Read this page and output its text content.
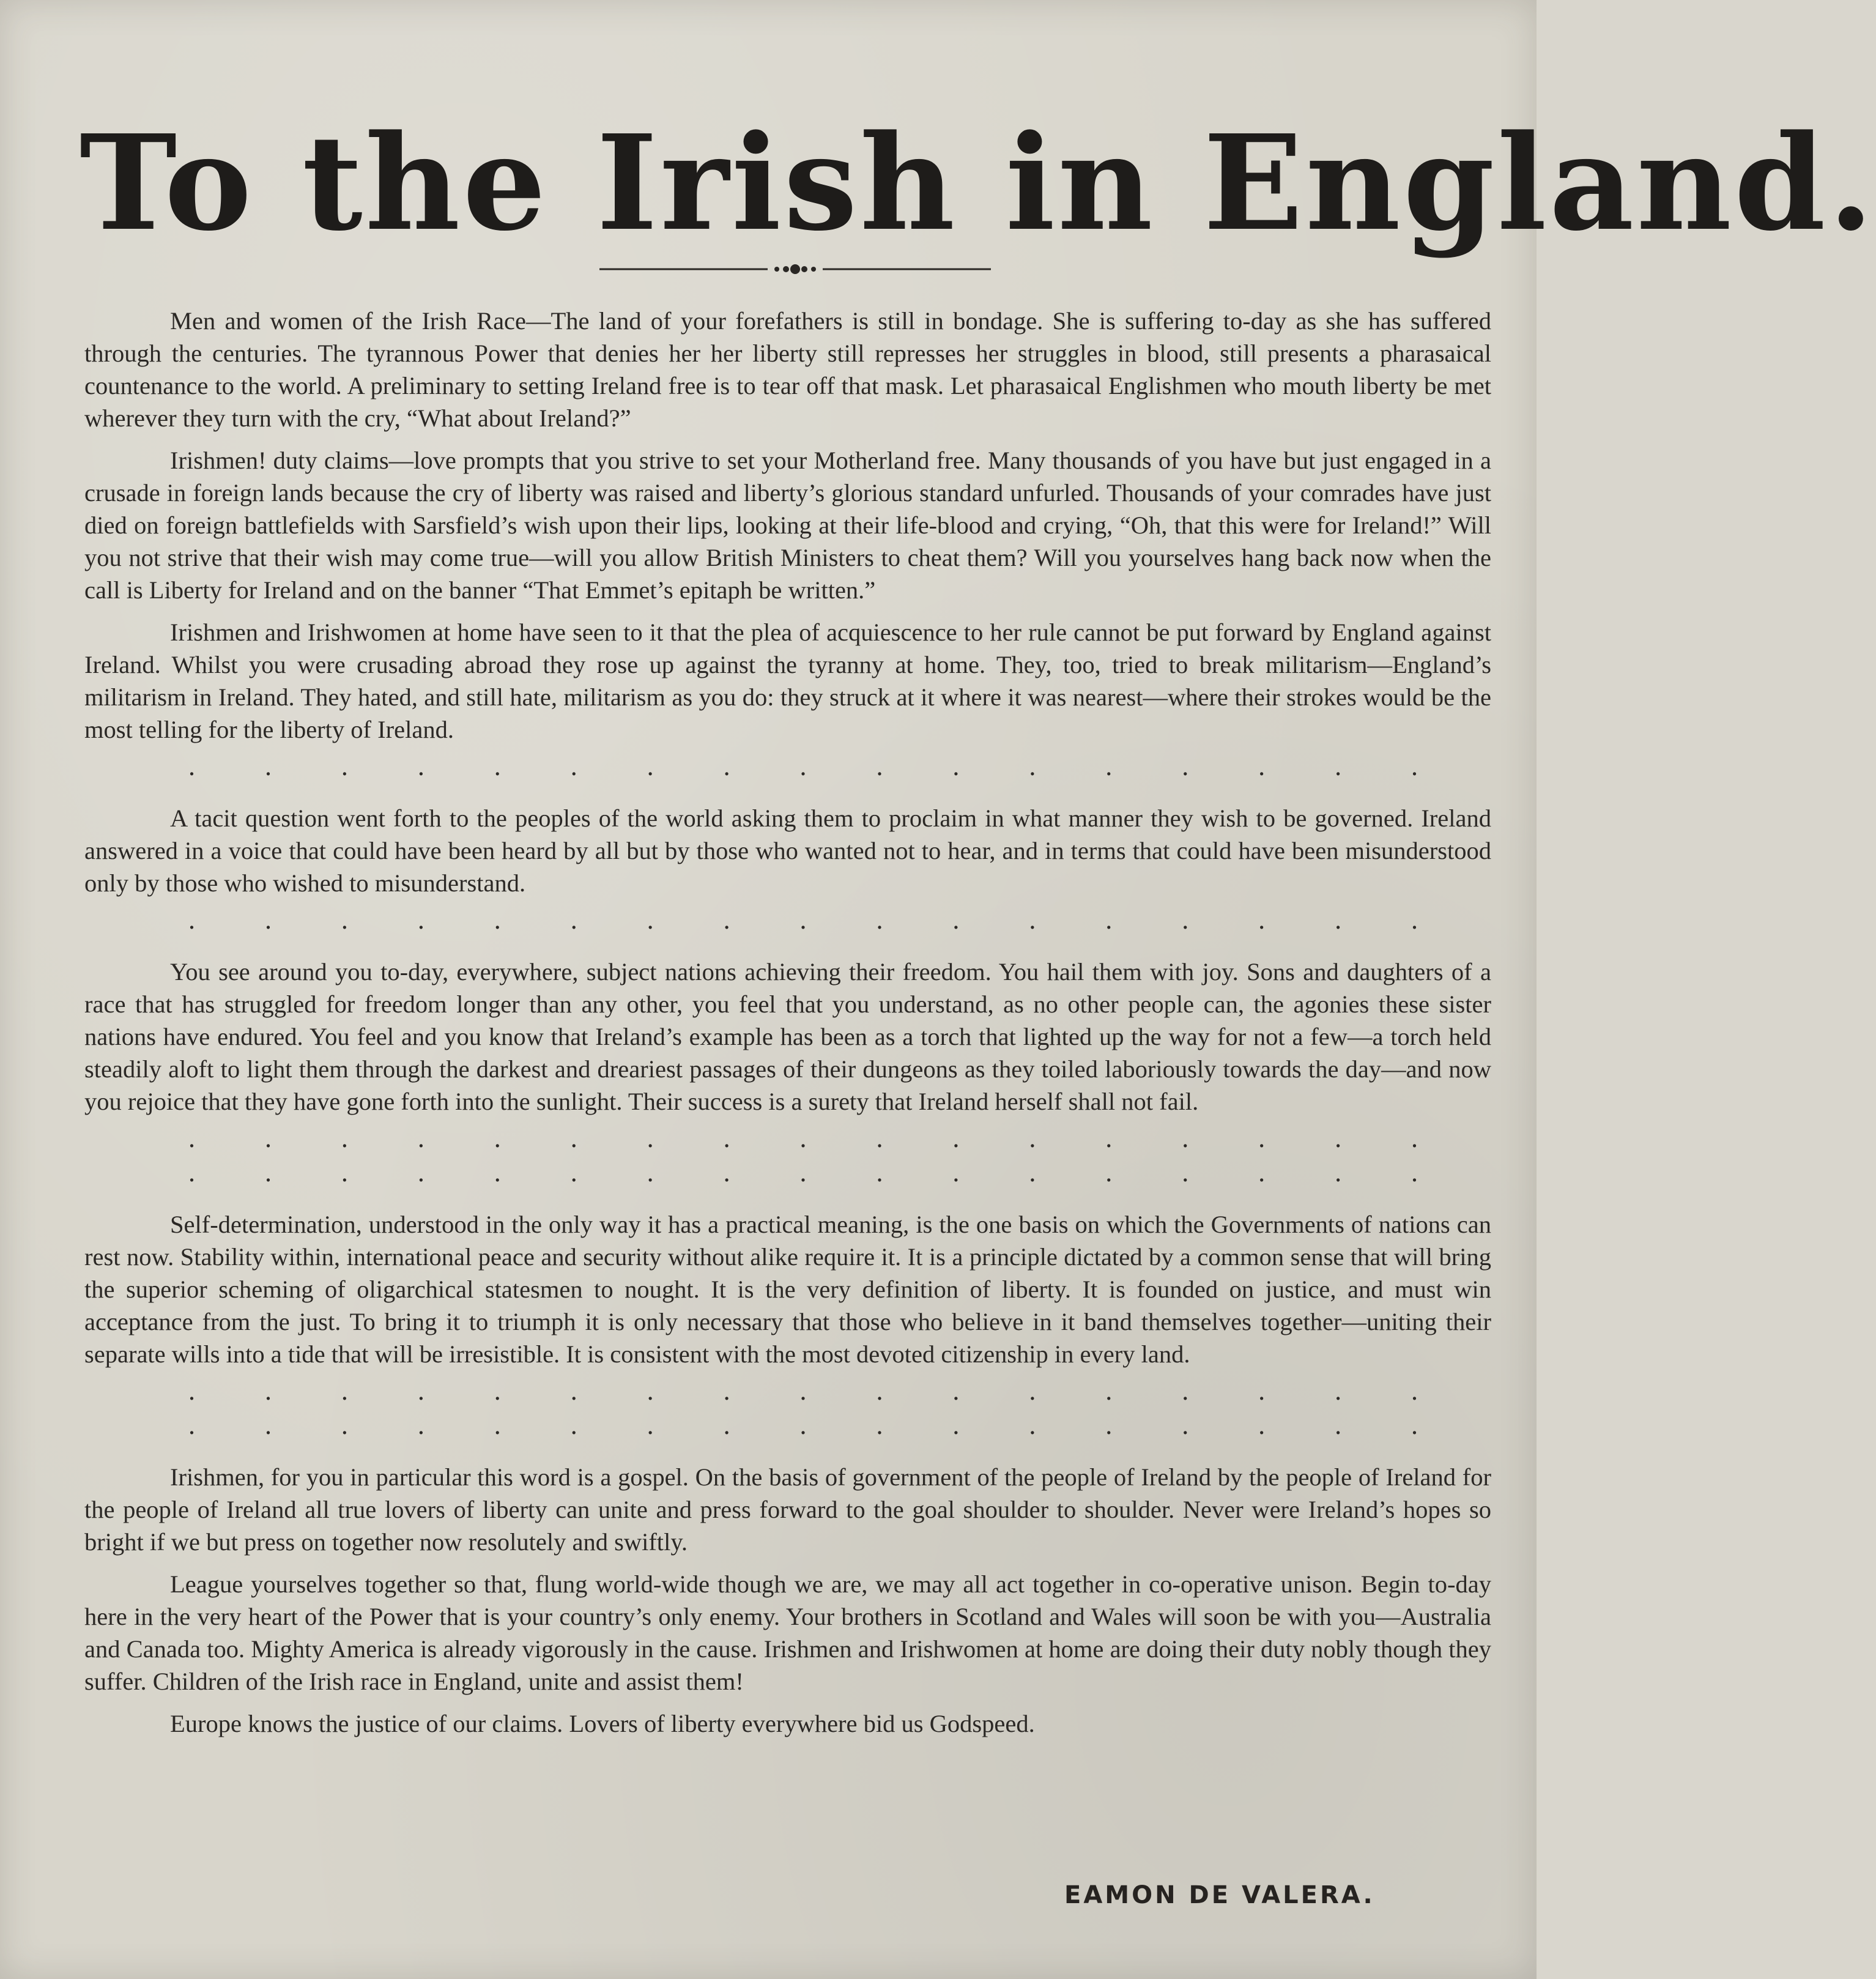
To the Irish in England.

Men and women of the Irish Race—The land of your forefathers is still in bondage. She is suffering to-day as she has suffered through the centuries. The tyrannous Power that denies her her liberty still represses her struggles in blood, still presents a pharasaical countenance to the world. A preliminary to setting Ireland free is to tear off that mask. Let pharasaical Englishmen who mouth liberty be met wherever they turn with the cry, “What about Ireland?”

Irishmen! duty claims—love prompts that you strive to set your Motherland free. Many thousands of you have but just engaged in a crusade in foreign lands because the cry of liberty was raised and liberty’s glorious standard unfurled. Thousands of your comrades have just died on foreign battlefields with Sarsfield’s wish upon their lips, looking at their life-blood and crying, “Oh, that this were for Ireland!” Will you not strive that their wish may come true—will you allow British Ministers to cheat them? Will you yourselves hang back now when the call is Liberty for Ireland and on the banner “That Emmet’s epitaph be written.”

Irishmen and Irishwomen at home have seen to it that the plea of acquiescence to her rule cannot be put forward by England against Ireland. Whilst you were crusading abroad they rose up against the tyranny at home. They, too, tried to break militarism—England’s militarism in Ireland. They hated, and still hate, militarism as you do: they struck at it where it was nearest—where their strokes would be the most telling for the liberty of Ireland.

.	.	.	.	.	.	.	.	.	.	.	.	.	.	.	.	.

A tacit question went forth to the peoples of the world asking them to proclaim in what manner they wish to be governed. Ireland answered in a voice that could have been heard by all but by those who wanted not to hear, and in terms that could have been misunderstood only by those who wished to misunderstand.

.	.	.	.	.	.	.	.	.	.	.	.	.	.	.	.	.

You see around you to-day, everywhere, subject nations achieving their freedom. You hail them with joy. Sons and daughters of a race that has struggled for freedom longer than any other, you feel that you understand, as no other people can, the agonies these sister nations have endured. You feel and you know that Ireland’s example has been as a torch that lighted up the way for not a few—a torch held steadily aloft to light them through the darkest and dreariest passages of their dungeons as they toiled laboriously towards the day—and now you rejoice that they have gone forth into the sunlight. Their success is a surety that Ireland herself shall not fail.

.	.	.	.	.	.	.	.	.	.	.	.	.	.	.	.	.
.	.	.	.	.	.	.	.	.	.	.	.	.	.	.	.	.

Self-determination, understood in the only way it has a practical meaning, is the one basis on which the Governments of nations can rest now. Stability within, international peace and security without alike require it. It is a principle dictated by a common sense that will bring the superior scheming of oligarchical statesmen to nought. It is the very definition of liberty. It is founded on justice, and must win acceptance from the just. To bring it to triumph it is only necessary that those who believe in it band themselves together—uniting their separate wills into a tide that will be irresistible. It is consistent with the most devoted citizenship in every land.

.	.	.	.	.	.	.	.	.	.	.	.	.	.	.	.	.
.	.	.	.	.	.	.	.	.	.	.	.	.	.	.	.	.

Irishmen, for you in particular this word is a gospel. On the basis of government of the people of Ireland by the people of Ireland for the people of Ireland all true lovers of liberty can unite and press forward to the goal shoulder to shoulder. Never were Ireland’s hopes so bright if we but press on together now resolutely and swiftly.

League yourselves together so that, flung world-wide though we are, we may all act together in co-operative unison. Begin to-day here in the very heart of the Power that is your country’s only enemy. Your brothers in Scotland and Wales will soon be with you—Australia and Canada too. Mighty America is already vigorously in the cause. Irishmen and Irishwomen at home are doing their duty nobly though they suffer. Children of the Irish race in England, unite and assist them!

Europe knows the justice of our claims. Lovers of liberty everywhere bid us Godspeed.

EAMON DE VALERA.
